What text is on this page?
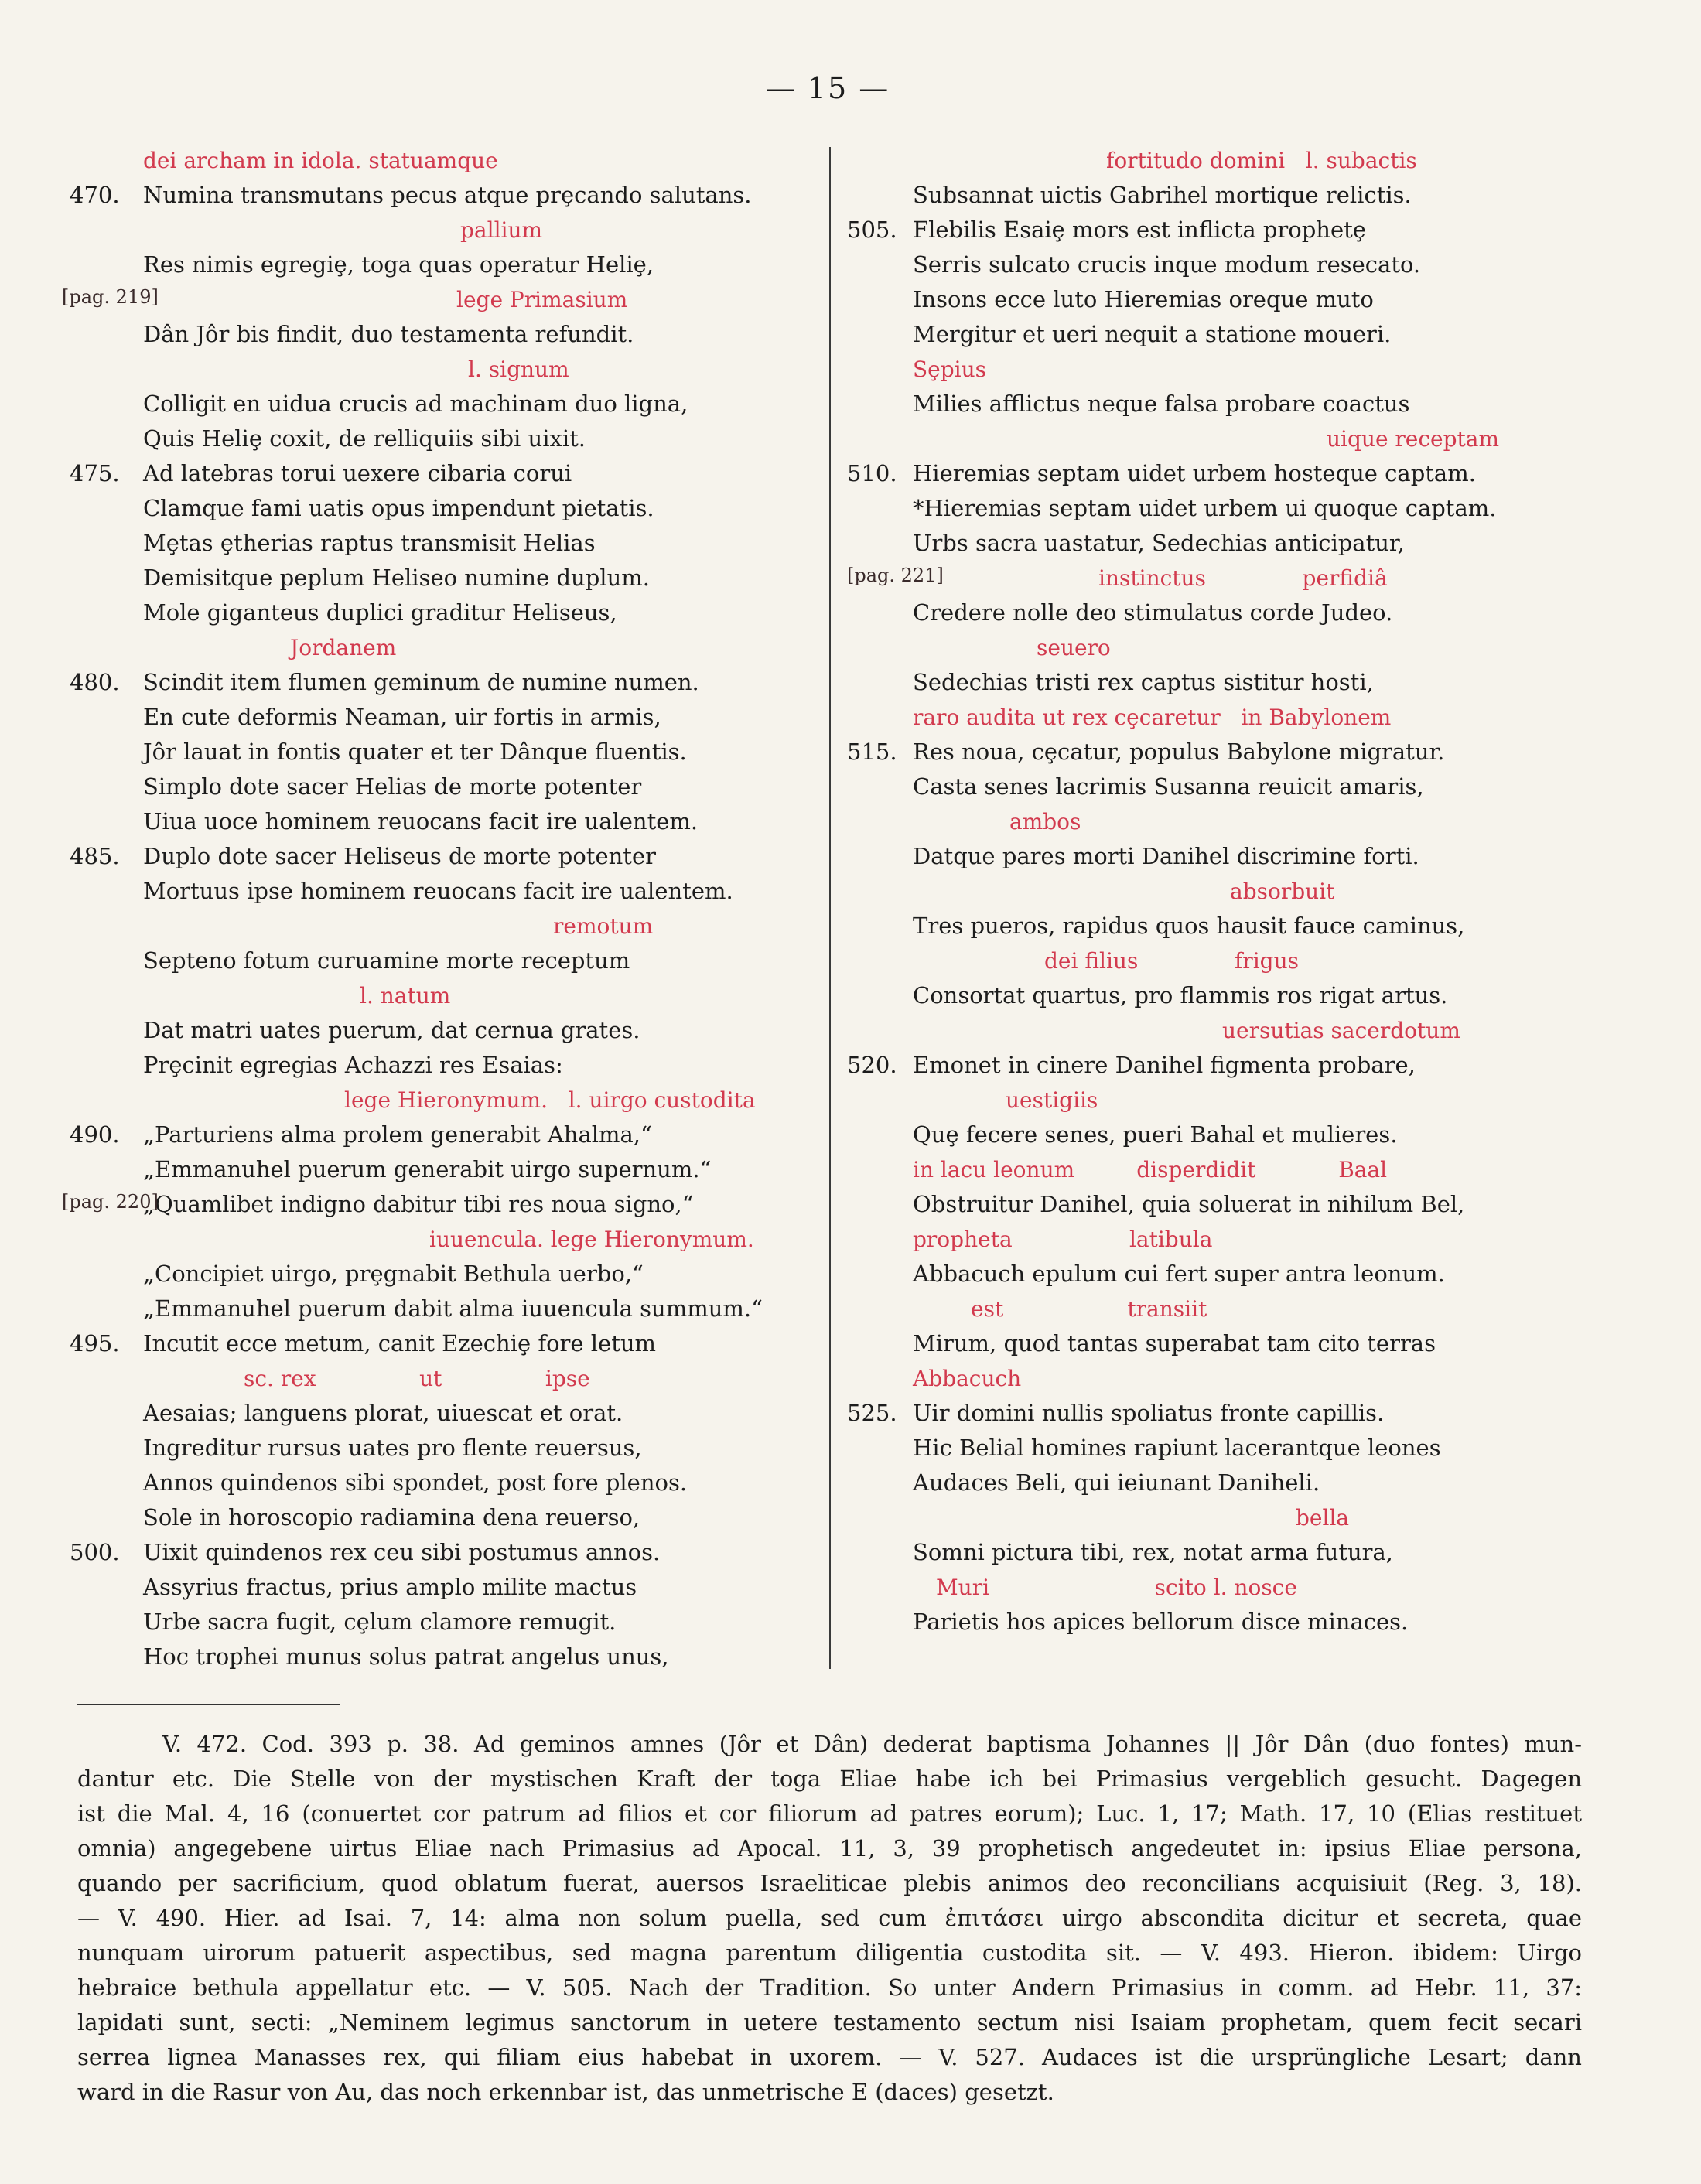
— 15 —
dei archam in idola. statuamque
470. Numina transmutans pecus atque prȩcando salutans.
pallium
Res nimis egregiȩ, toga quas operatur Heliȩ,
[pag. 219]	lege Primasium
Dân Jôr bis findit, duo testamenta refundit.
l. signum
Colligit en uidua crucis ad machinam duo ligna,
Quis Heliȩ coxit, de relliquiis sibi uixit.
475. Ad latebras torui uexere cibaria corui
Clamque fami uatis opus impendunt pietatis.
Mȩtas ȩtherias raptus transmisit Helias
Demisitque peplum Heliseo numine duplum.
Mole giganteus duplici graditur Heliseus,
Jordanem
480. Scindit item flumen geminum de numine numen.
En cute deformis Neaman, uir fortis in armis,
Jôr lauat in fontis quater et ter Dânque fluentis.
Simplo dote sacer Helias de morte potenter
Uiua uoce hominem reuocans facit ire ualentem.
485. Duplo dote sacer Heliseus de morte potenter
Mortuus ipse hominem reuocans facit ire ualentem.
remotum
Septeno fotum curuamine morte receptum
l. natum
Dat matri uates puerum, dat cernua grates.
Prȩcinit egregias Achazzi res Esaias:
lege Hieronymum.   l. uirgo custodita
490. „Parturiens alma prolem generabit Ahalma,“
„Emmanuhel puerum generabit uirgo supernum.“
[pag. 220]
„Quamlibet indigno dabitur tibi res noua signo,“
iuuencula. lege Hieronymum.
„Concipiet uirgo, prȩgnabit Bethula uerbo,“
„Emmanuhel puerum dabit alma iuuencula summum.“
495. Incutit ecce metum, canit Ezechiȩ fore letum
sc. rex               ut               ipse
Aesaias; languens plorat, uiuescat et orat.
Ingreditur rursus uates pro flente reuersus,
Annos quindenos sibi spondet, post fore plenos.
Sole in horoscopio radiamina dena reuerso,
500. Uixit quindenos rex ceu sibi postumus annos.
Assyrius fractus, prius amplo milite mactus
Urbe sacra fugit, cȩlum clamore remugit.
Hoc trophei munus solus patrat angelus unus,
fortitudo domini   l. subactis
Subsannat uictis Gabrihel mortique relictis.
505. Flebilis Esaiȩ mors est inflicta prophetȩ
Serris sulcato crucis inque modum resecato.
Insons ecce luto Hieremias oreque muto
Mergitur et ueri nequit a statione moueri.
Sȩpius
Milies afflictus neque falsa probare coactus
uique receptam
510. Hieremias septam uidet urbem hosteque captam.
*Hieremias septam uidet urbem ui quoque captam.
Urbs sacra uastatur, Sedechias anticipatur,
[pag. 221]	instinctus              perfidiâ
Credere nolle deo stimulatus corde Judeo.
seuero
Sedechias tristi rex captus sistitur hosti,
raro audita ut rex cȩcaretur   in Babylonem
515. Res noua, cȩcatur, populus Babylone migratur.
Casta senes lacrimis Susanna reuicit amaris,
ambos
Datque pares morti Danihel discrimine forti.
absorbuit
Tres pueros, rapidus quos hausit fauce caminus,
dei filius              frigus
Consortat quartus, pro flammis ros rigat artus.
uersutias sacerdotum
520. Emonet in cinere Danihel figmenta probare,
uestigiis
Quȩ fecere senes, pueri Bahal et mulieres.
in lacu leonum         disperdidit            Baal
Obstruitur Danihel, quia soluerat in nihilum Bel,
propheta                 latibula
Abbacuch epulum cui fert super antra leonum.
est                  transiit
Mirum, quod tantas superabat tam cito terras
Abbacuch
525. Uir domini nullis spoliatus fronte capillis.
Hic Belial homines rapiunt lacerantque leones
Audaces Beli, qui ieiunant Daniheli.
bella
Somni pictura tibi, rex, notat arma futura,
Muri                        scito l. nosce
Parietis hos apices bellorum disce minaces.
V. 472. Cod. 393 p. 38. Ad geminos amnes (Jôr et Dân) dederat baptisma Johannes || Jôr Dân (duo fontes) mun-
dantur etc. Die Stelle von der mystischen Kraft der toga Eliae habe ich bei Primasius vergeblich gesucht. Dagegen
ist die Mal. 4, 16 (conuertet cor patrum ad filios et cor filiorum ad patres eorum); Luc. 1, 17; Math. 17, 10 (Elias restituet
omnia) angegebene uirtus Eliae nach Primasius ad Apocal. 11, 3, 39 prophetisch angedeutet in: ipsius Eliae persona,
quando per sacrificium, quod oblatum fuerat, auersos Israeliticae plebis animos deo reconcilians acquisiuit (Reg. 3, 18).
— V. 490. Hier. ad Isai. 7, 14: alma non solum puella, sed cum ἐπιτάσει uirgo abscondita dicitur et secreta, quae
nunquam uirorum patuerit aspectibus, sed magna parentum diligentia custodita sit. — V. 493. Hieron. ibidem: Uirgo
hebraice bethula appellatur etc. — V. 505. Nach der Tradition. So unter Andern Primasius in comm. ad Hebr. 11, 37:
lapidati sunt, secti: „Neminem legimus sanctorum in uetere testamento sectum nisi Isaiam prophetam, quem fecit secari
serrea lignea Manasses rex, qui filiam eius habebat in uxorem. — V. 527. Audaces ist die ursprüngliche Lesart; dann
ward in die Rasur von Au, das noch erkennbar ist, das unmetrische E (daces) gesetzt.
